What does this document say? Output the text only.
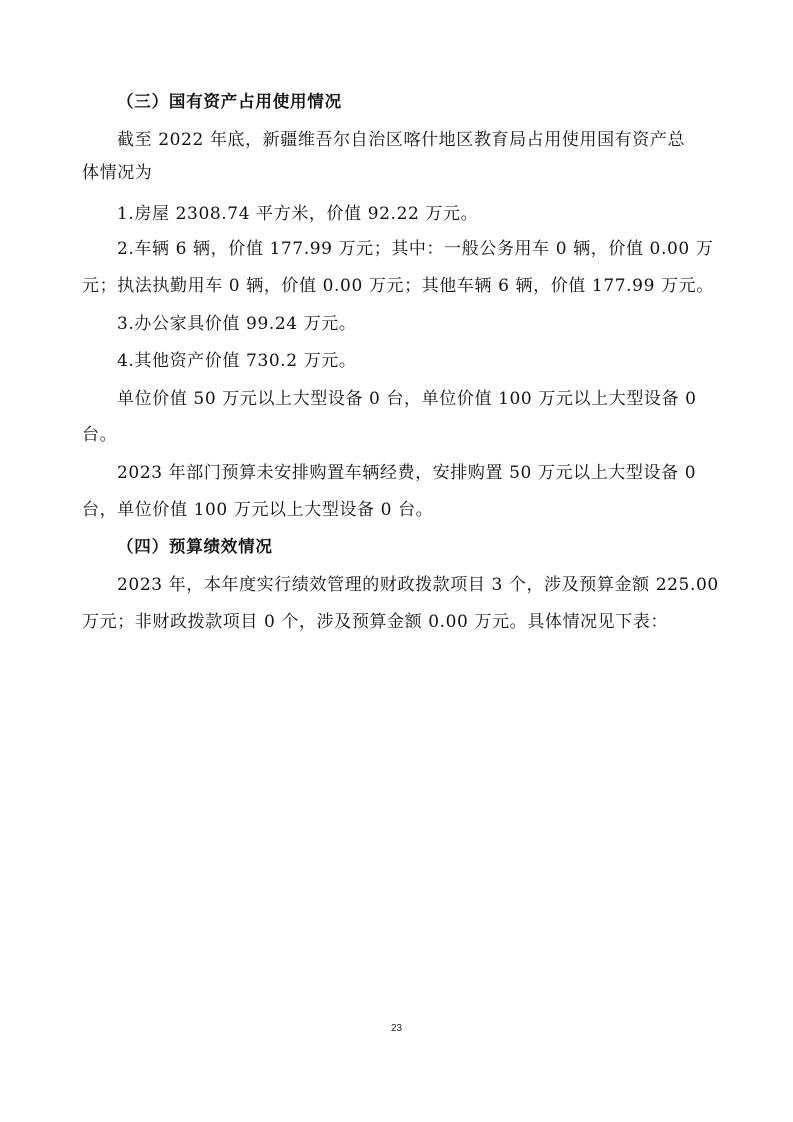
（三）国有资产占用使用情况
截至 2022 年底，新疆维吾尔自治区喀什地区教育局占用使用国有资产总
体情况为
1.房屋 2308.74 平方米，价值 92.22 万元。
2.车辆 6 辆，价值 177.99 万元；其中：一般公务用车 0 辆，价值 0.00 万
元；执法执勤用车 0 辆，价值 0.00 万元；其他车辆 6 辆，价值 177.99 万元。
3.办公家具价值 99.24 万元。
4.其他资产价值 730.2 万元。
单位价值 50 万元以上大型设备 0 台，单位价值 100 万元以上大型设备 0
台。
2023 年部门预算未安排购置车辆经费，安排购置 50 万元以上大型设备 0
台，单位价值 100 万元以上大型设备 0 台。
（四）预算绩效情况
2023 年，本年度实行绩效管理的财政拨款项目 3 个，涉及预算金额 225.00
万元；非财政拨款项目 0 个，涉及预算金额 0.00 万元。具体情况见下表：
23
